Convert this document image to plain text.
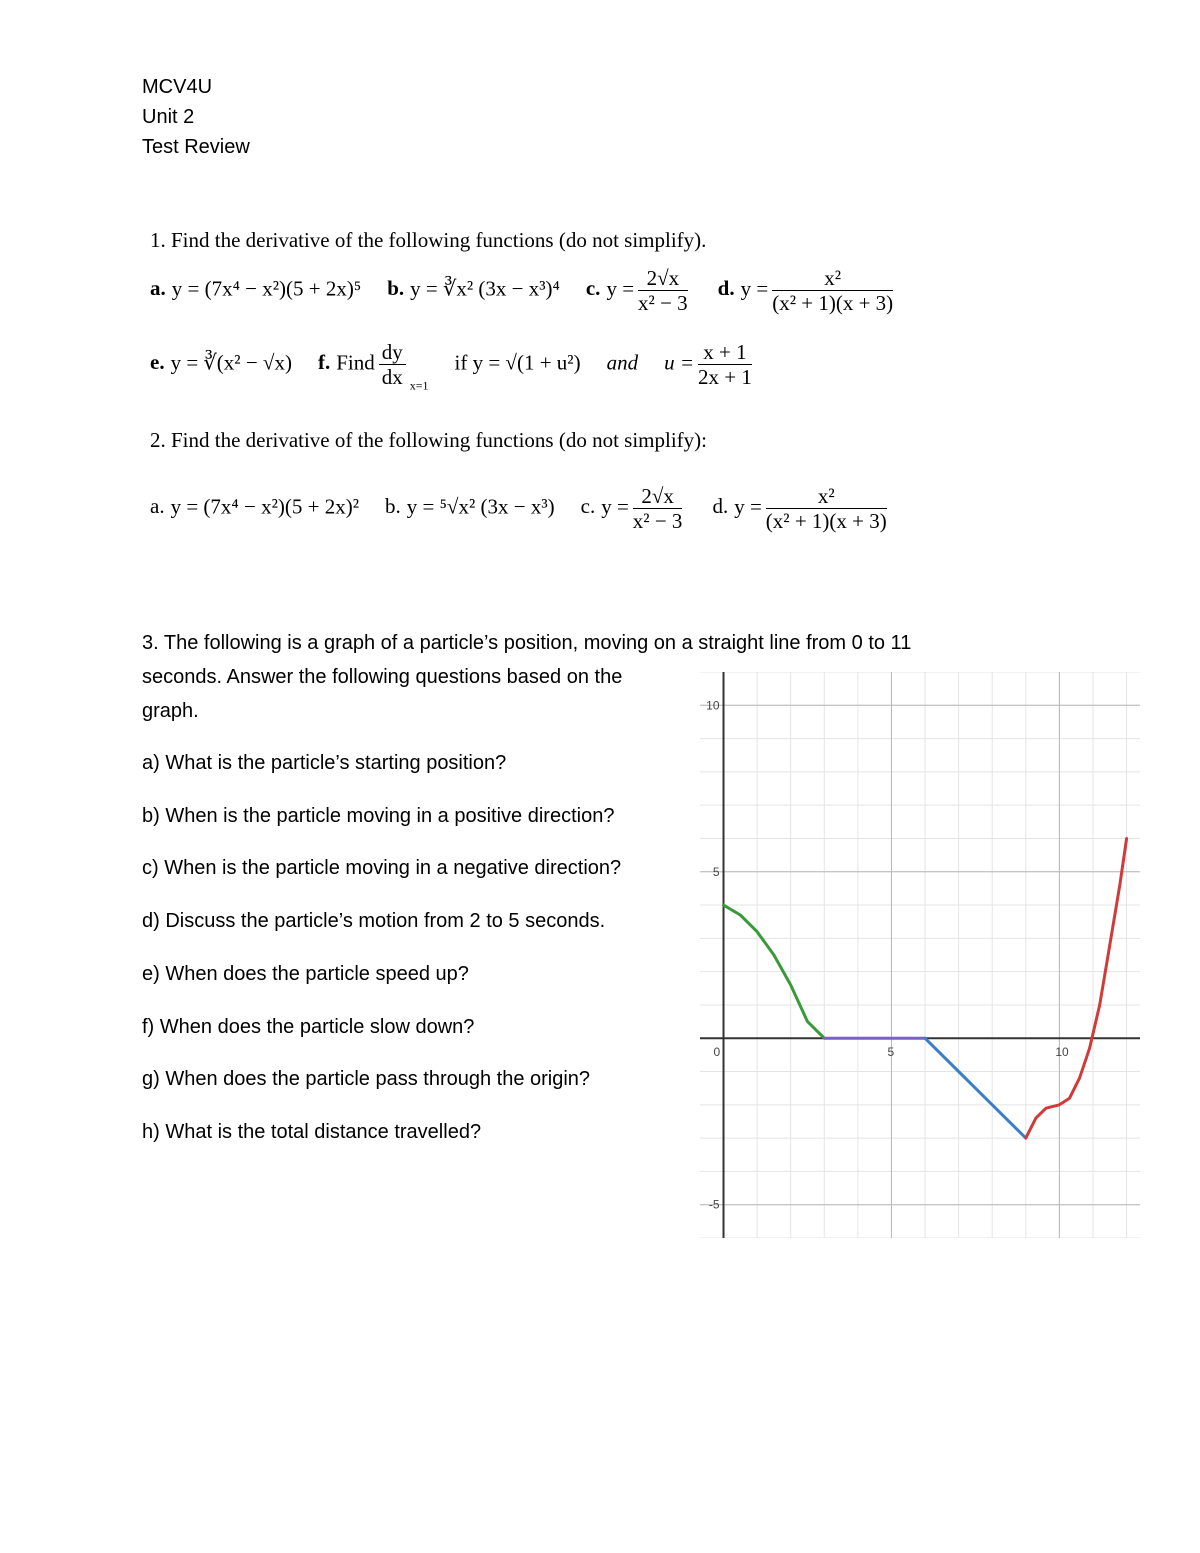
MCV4U
Unit 2
Test Review
1. Find the derivative of the following functions (do not simplify).
a. y = (7x⁴ − x²)(5 + 2x)⁵ b. y = ∛x² (3x − x³)⁴ c. $y = \frac{2√x}{\text{x² − 3}} d$. $y = \frac{\text{x²}}{\text{(x² + 1)(x + 3)}}$
e. y = ∛(x² − √x) f. Find $\frac{dy}{dx} _{x=1}if$ y = √(1 + u²) and $u = \frac{x + 1}{2x + 1}$
2. Find the derivative of the following functions (do not simplify):
a. y = (7x⁴ − x²)(5 + 2x)² b. y = ⁵√x² (3x − x³) c. $y = \frac{2√x}{\text{x² − 3}} d$. $y = \frac{\text{x²}}{\text{(x² + 1)(x + 3)}}$
3. The following is a graph of a particle’s position, moving on a straight line from 0 to 11
seconds. Answer the following questions based on the
graph.
a) What is the particle’s starting position?
b) When is the particle moving in a positive direction?
c) When is the particle moving in a negative direction?
d) Discuss the particle’s motion from 2 to 5 seconds.
e) When does the particle speed up?
f) When does the particle slow down?
g) When does the particle pass through the origin?
h) What is the total distance travelled?
0	5	10
10
5
-5
